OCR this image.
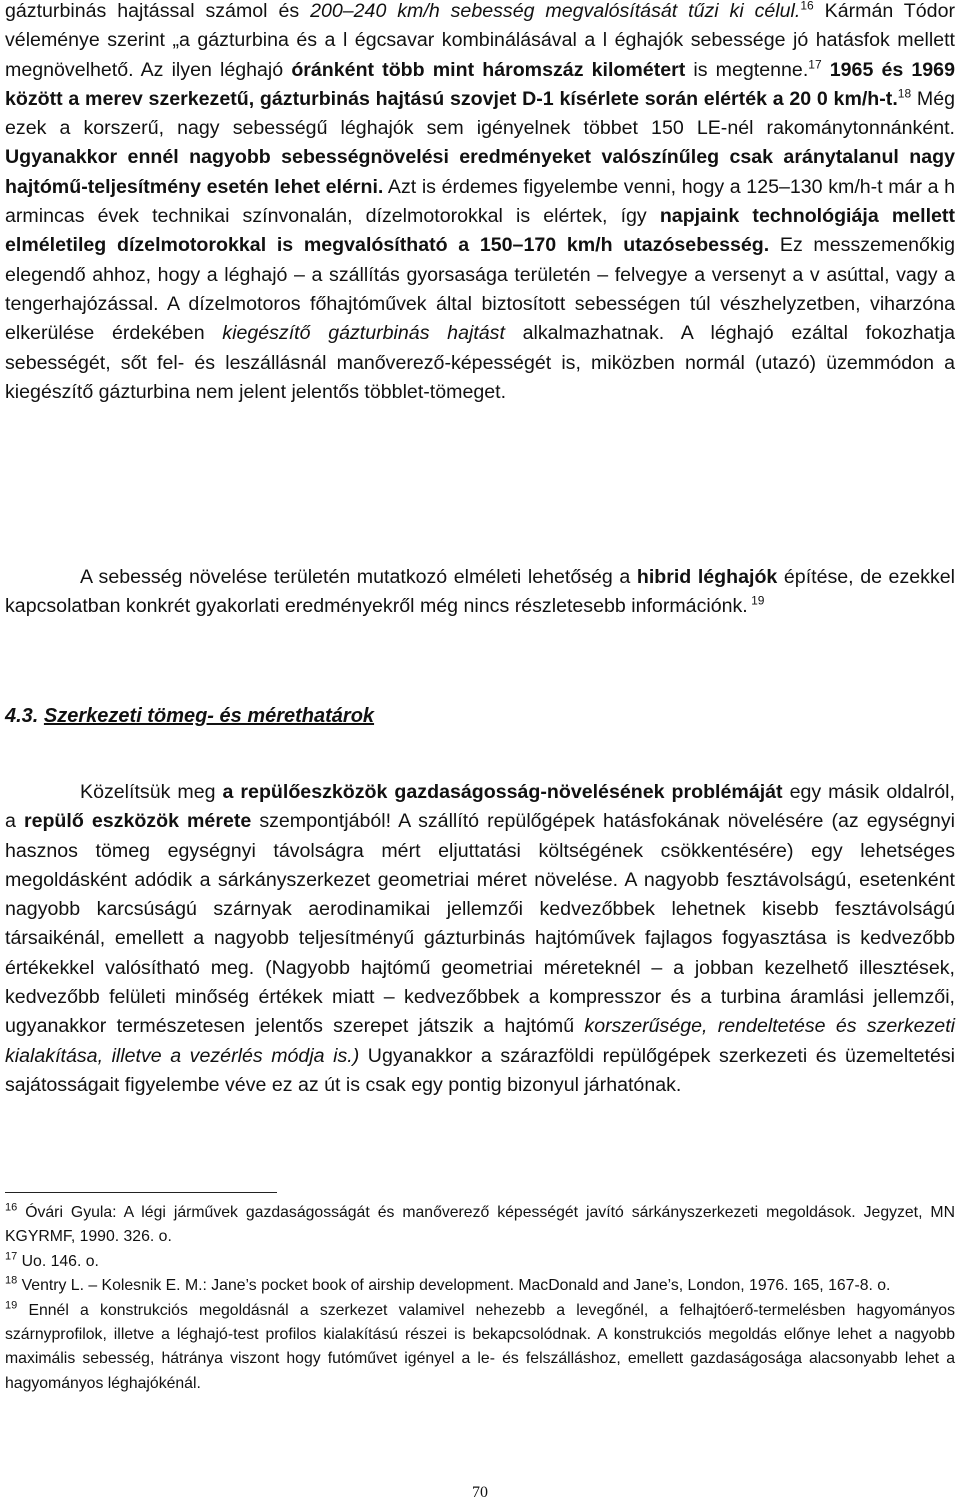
gázturbinás hajtással számol és 200–240 km/h sebesség megvalósítását tűzi ki célul.$^{16}$ Kármán Tódor véleménye szerint „a gázturbina és a l égcsavar kombinálásával a l éghajók sebessége jó hatásfok mellett megnövelhető. Az ilyen léghajó óránként több mint háromszáz kilométert is megtenne.$^{17}$ 1965 és 1969 között a merev szerkezetű, gázturbinás hajtású szovjet D-1 kísérlete során elérték a 20 0 km/h-t.$^{18}$ Még ezek a korszerű, nagy sebességű léghajók sem igényelnek többet 150 LE-nél rakománytonnánként. Ugyanakkor ennél nagyobb sebességnövelési eredményeket valószínűleg csak aránytalanul nagy hajtómű-teljesítmény esetén lehet elérni. Azt is érdemes figyelembe venni, hogy a 125–130 km/h-t már a h armincas évek technikai színvonalán, dízelmotorokkal is elértek, így napjaink technológiája mellett elméletileg dízelmotorokkal is megvalósítható a 150–170 km/h utazósebesség. Ez messzemenőkig elegendő ahhoz, hogy a léghajó – a szállítás gyorsasága területén – felvegye a versenyt a v asúttal, vagy a tengerhajózással. A dízelmotoros főhajtóművek által biztosított sebességen túl vészhelyzetben, viharzóna elkerülése érdekében kiegészítő gázturbinás hajtást alkalmazhatnak. A léghajó ezáltal fokozhatja sebességét, sőt fel- és leszállásnál manőverező-képességét is, miközben normál (utazó) üzemmódon a kiegészítő gázturbina nem jelent jelentős többlet-tömeget.

A sebesség növelése területén mutatkozó elméleti lehetőség a hibrid léghajók építése, de ezekkel kapcsolatban konkrét gyakorlati eredményekről még nincs részletesebb információnk. $^{19}$

4.3. Szerkezeti tömeg- és mérethatárok

Közelítsük meg a repülőeszközök gazdaságosság-növelésének problémáját egy másik oldalról, a repülő eszközök mérete szempontjából! A szállító repülőgépek hatásfokának növelésére (az egységnyi hasznos tömeg egységnyi távolságra mért eljuttatási költségének csökkentésére) egy lehetséges megoldásként adódik a sárkányszerkezet geometriai méret növelése. A nagyobb fesztávolságú, esetenként nagyobb karcsúságú szárnyak aerodinamikai jellemzői kedvezőbbek lehetnek kisebb fesztávolságú társaikénál, emellett a nagyobb teljesítményű gázturbinás hajtóművek fajlagos fogyasztása is kedvezőbb értékekkel valósítható meg. (Nagyobb hajtómű geometriai méreteknél – a jobban kezelhető illesztések, kedvezőbb felületi minőség értékek miatt – kedvezőbbek a kompresszor és a turbina áramlási jellemzői, ugyanakkor természetesen jelentős szerepet játszik a hajtómű korszerűsége, rendeltetése és szerkezeti kialakítása, illetve a vezérlés módja is.) Ugyanakkor a szárazföldi repülőgépek szerkezeti és üzemeltetési sajátosságait figyelembe véve ez az út is csak egy pontig bizonyul járhatónak.

$^{16}$ Óvári Gyula: A légi járművek gazdaságosságát és manőverező képességét javító sárkányszerkezeti megoldások. Jegyzet, MN KGYRMF, 1990. 326. o.

$^{17}$ Uo. 146. o.

$^{18}$ Ventry L. – Kolesnik E. M.: Jane’s pocket book of airship development. MacDonald and Jane’s, London, 1976. 165, 167-8. o.

$^{19}$ Ennél a konstrukciós megoldásnál a szerkezet valamivel nehezebb a levegőnél, a felhajtóerő-termelésben hagyományos szárnyprofilok, illetve a léghajó-test profilos kialakítású részei is bekapcsolódnak. A konstrukciós megoldás előnye lehet a nagyobb maximális sebesség, hátránya viszont hogy futóművet igényel a le- és felszálláshoz, emellett gazdaságosága alacsonyabb lehet a hagyományos léghajókénál.

70
